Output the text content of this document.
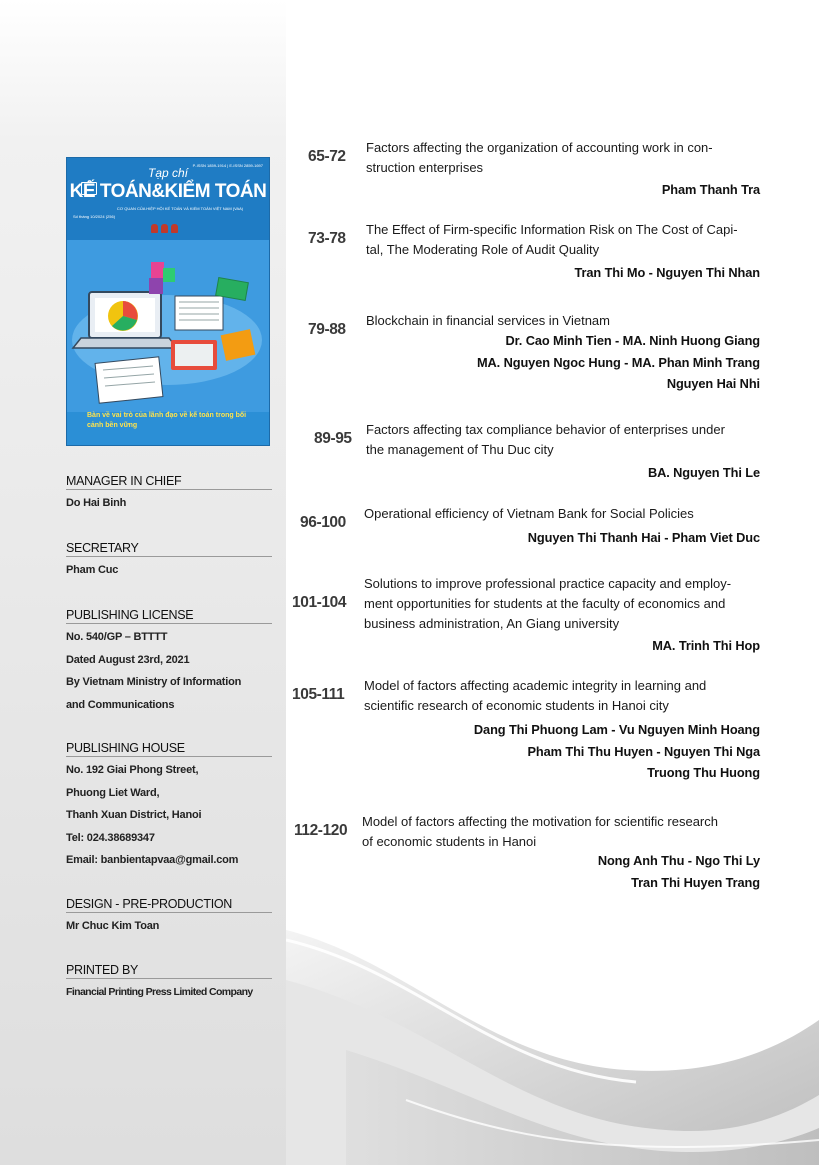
P-ISSN 1859-1914 | E-ISSN 2859-1697
Tạp chí
KẾ TOÁN&KIỂM TOÁN
CƠ QUAN CỦA HIỆP HỘI KẾ TOÁN VÀ KIỂM TOÁN VIỆT NAM (VAA)
Số tháng 10/2024 (256)
Bàn về vai trò của lãnh đạo về kế toán trong bối cảnh bền vững
MANAGER IN CHIEF
Do Hai Binh
SECRETARY
Pham Cuc
PUBLISHING LICENSE
No. 540/GP – BTTTT
Dated August 23rd, 2021
By Vietnam Ministry of Information
and Communications
PUBLISHING HOUSE
No. 192 Giai Phong Street,
Phuong Liet Ward,
Thanh Xuan District, Hanoi
Tel: 024.38689347
Email: banbientapvaa@gmail.com
DESIGN - PRE-PRODUCTION
Mr Chuc Kim Toan
PRINTED BY
Financial Printing Press Limited Company
65-72
Factors affecting the organization of accounting work in con-
struction enterprises
Pham Thanh Tra
73-78
The Effect of Firm-specific Information Risk on The Cost of Capi-
tal, The Moderating Role of Audit Quality
Tran Thi Mo - Nguyen Thi Nhan
79-88
Blockchain in financial services in Vietnam
Dr. Cao Minh Tien - MA. Ninh Huong Giang
MA. Nguyen Ngoc Hung - MA. Phan Minh Trang
Nguyen Hai Nhi
89-95
Factors affecting tax compliance behavior of enterprises under
the management of Thu Duc city
BA. Nguyen Thi Le
96-100
Operational efficiency of Vietnam Bank for Social Policies
Nguyen Thi Thanh Hai - Pham Viet Duc
101-104
Solutions to improve professional practice capacity and employ-
ment opportunities for students at the faculty of economics and
business administration, An Giang university
MA. Trinh Thi Hop
105-111
Model of factors affecting academic integrity in learning and
scientific research of economic students in Hanoi city
Dang Thi Phuong Lam - Vu Nguyen Minh Hoang
Pham Thi Thu Huyen - Nguyen Thi Nga
Truong Thu Huong
112-120
Model of factors affecting the motivation for scientific research
of economic students in Hanoi
Nong Anh Thu - Ngo Thi Ly
Tran Thi Huyen Trang
